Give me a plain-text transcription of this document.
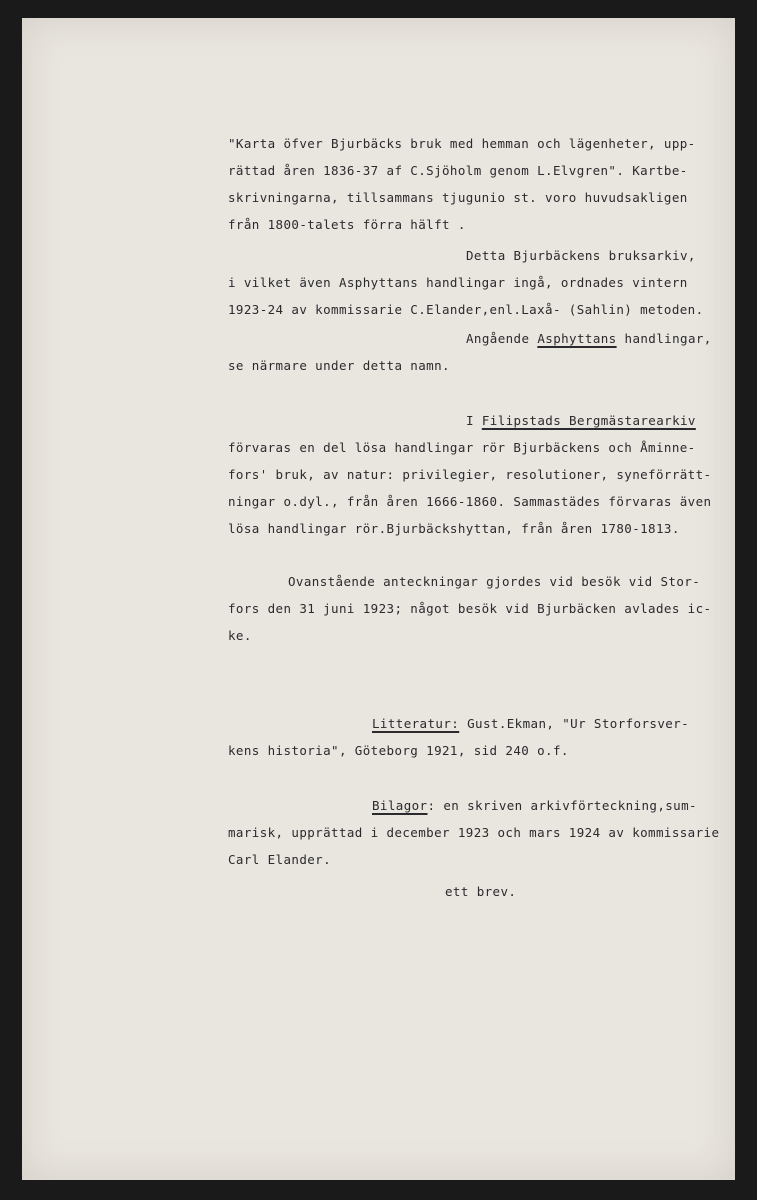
"Karta öfver Bjurbäcks bruk med hemman och lägenheter, upp-
rättad åren 1836-37 af C.Sjöholm genom L.Elvgren". Kartbe-
skrivningarna, tillsammans tjugunio st. voro huvudsakligen
från 1800-talets förra hälft .
Detta Bjurbäckens bruksarkiv,
i vilket även Asphyttans handlingar ingå, ordnades vintern
1923-24 av kommissarie C.Elander,enl.Laxå- (Sahlin) metoden.
Angående Asphyttans handlingar,
se närmare under detta namn.
I Filipstads Bergmästarearkiv
förvaras en del lösa handlingar rör Bjurbäckens och Åminne-
fors' bruk, av natur: privilegier, resolutioner, syneförrätt-
ningar o.dyl., från åren 1666-1860. Sammastädes förvaras även
lösa handlingar rör.Bjurbäckshyttan, från åren 1780-1813.
Ovanstående anteckningar gjordes vid besök vid Stor-
fors den 31 juni 1923; något besök vid Bjurbäcken avlades ic-
ke.
Litteratur: Gust.Ekman, "Ur Storforsver-
kens historia", Göteborg 1921, sid 240 o.f.
Bilagor: en skriven arkivförteckning,sum-
marisk, upprättad i december 1923 och mars 1924 av kommissarie
Carl Elander.
ett brev.
